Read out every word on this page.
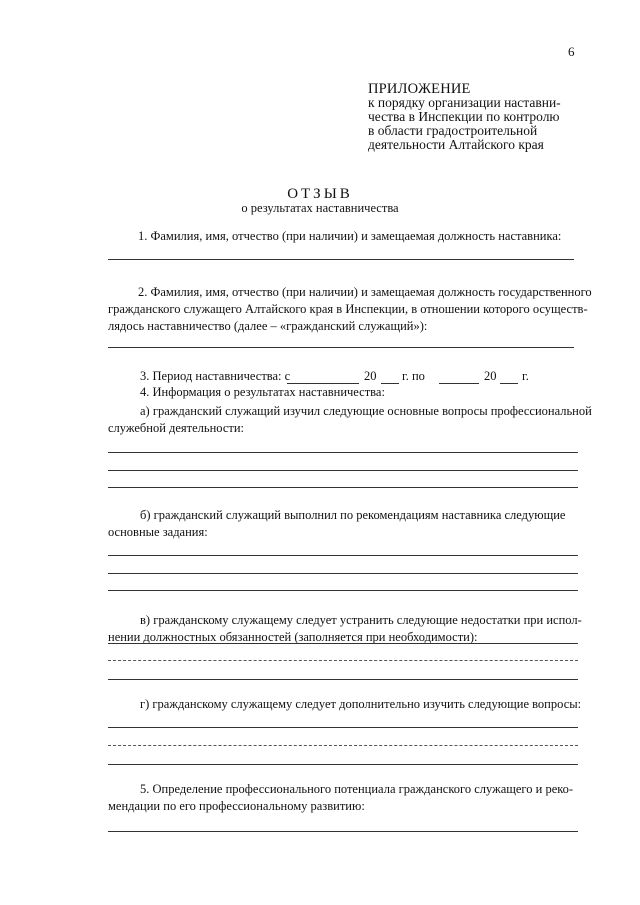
6
ПРИЛОЖЕНИЕ
к порядку организации наставни-
чества в Инспекции по контролю
в области градостроительной
деятельности Алтайского края
ОТЗЫВ
о результатах наставничества
1. Фамилия, имя, отчество (при наличии) и замещаемая должность наставника:
2. Фамилия, имя, отчество (при наличии) и замещаемая должность государственного
гражданского служащего Алтайского края в Инспекции, в отношении которого осуществ-
лядось наставничество (далее – «гражданский служащий»):
3. Период наставничества: с	20 г. по	20 г.
4. Информация о результатах наставничества:
а) гражданский служащий изучил следующие основные вопросы профессиональной
служебной деятельности:
б) гражданский служащий выполнил по рекомендациям наставника следующие
основные задания:
в) гражданскому служащему следует устранить следующие недостатки при испол-
нении должностных обязанностей (заполняется при необходимости):
г) гражданскому служащему следует дополнительно изучить следующие вопросы:
5. Определение профессионального потенциала гражданского служащего и реко-
мендации по его профессиональному развитию:
